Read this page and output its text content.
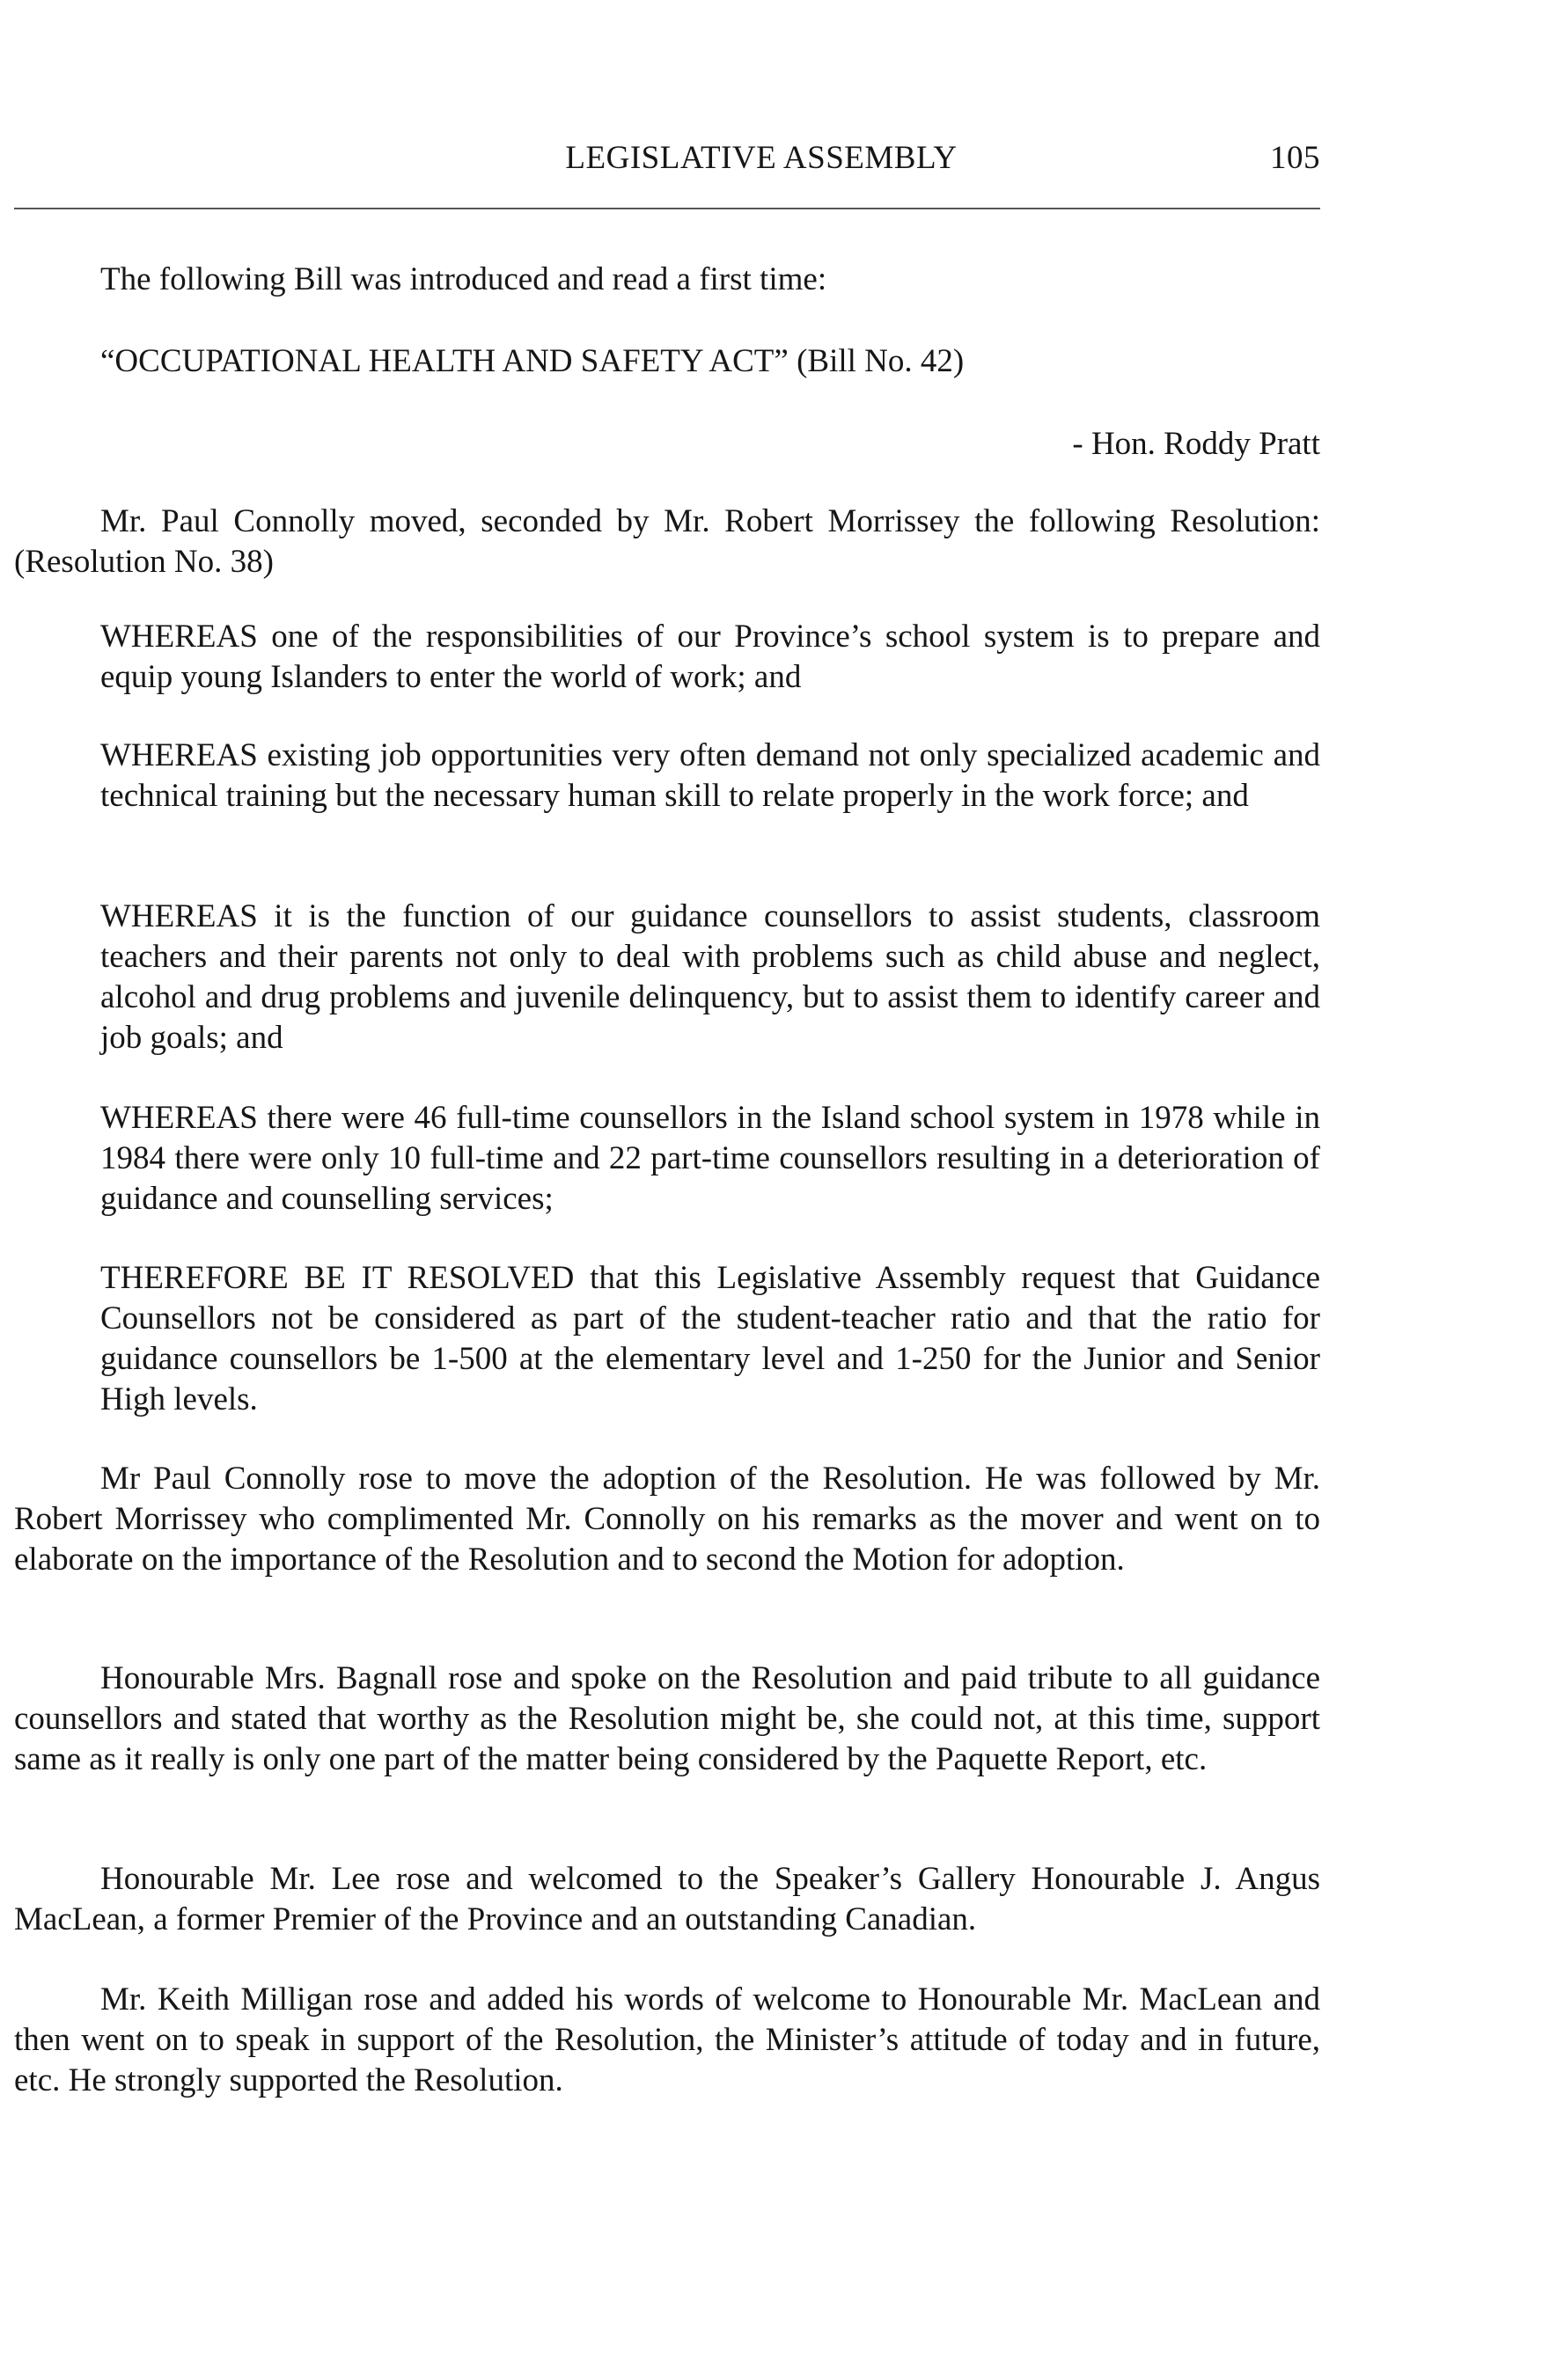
LEGISLATIVE ASSEMBLY	105

The following Bill was introduced and read a first time:

“OCCUPATIONAL HEALTH AND SAFETY ACT” (Bill No. 42)

- Hon. Roddy Pratt

Mr. Paul Connolly moved, seconded by Mr. Robert Morrissey the following Resolution: (Resolution No. 38)

WHEREAS one of the responsibilities of our Province’s school system is to prepare and equip young Islanders to enter the world of work; and

WHEREAS existing job opportunities very often demand not only specialized academic and technical training but the necessary human skill to relate properly in the work force; and

WHEREAS it is the function of our guidance counsellors to assist students, classroom teachers and their parents not only to deal with problems such as child abuse and neglect, alcohol and drug problems and juvenile delinquency, but to assist them to identify career and job goals; and

WHEREAS there were 46 full-time counsellors in the Island school system in 1978 while in 1984 there were only 10 full-time and 22 part-time counsellors resulting in a deterioration of guidance and counselling services;

THEREFORE BE IT RESOLVED that this Legislative Assembly request that Guidance Counsellors not be considered as part of the student-teacher ratio and that the ratio for guidance counsellors be 1-500 at the elementary level and 1-250 for the Junior and Senior High levels.

Mr Paul Connolly rose to move the adoption of the Resolution. He was followed by Mr. Robert Morrissey who complimented Mr. Connolly on his remarks as the mover and went on to elaborate on the importance of the Resolution and to second the Motion for adoption.

Honourable Mrs. Bagnall rose and spoke on the Resolution and paid tribute to all guidance counsellors and stated that worthy as the Resolution might be, she could not, at this time, support same as it really is only one part of the matter being considered by the Paquette Report, etc.

Honourable Mr. Lee rose and welcomed to the Speaker’s Gallery Honourable J. Angus MacLean, a former Premier of the Province and an outstanding Canadian.

Mr. Keith Milligan rose and added his words of welcome to Honourable Mr. MacLean and then went on to speak in support of the Resolution, the Minister’s attitude of today and in future, etc. He strongly supported the Resolution.
